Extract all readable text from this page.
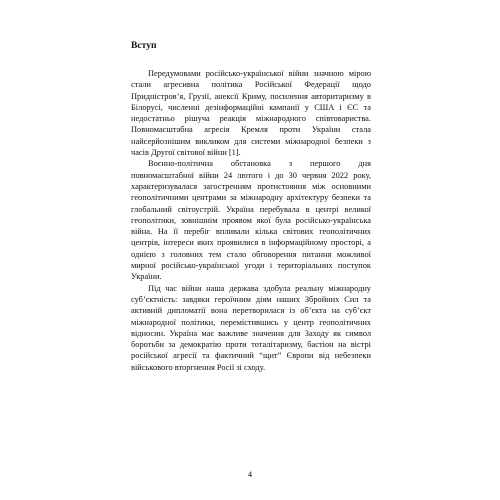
Вступ

Передумовами російсько-української війни значною мірою стали агресивна політика Російської Федерації щодо Придністров’я, Грузії, анексії Криму, посилення авторитаризму в Білорусі, численні дезінформаційні кампанії у США і ЄС та недостатньо рішуча реакція міжнародного співтовариства. Повномасштабна агресія Кремля проти України стала найсерйознішим викликом для системи міжнародної безпеки з часів Другої світової війни [1].

Воєнно-політична обстановка з першого дня повномасштабної війни 24 лютого і до 30 червня 2022 року, характеризувалася загостренням протистояння між основними геополітичними центрами за міжнародну архітектуру безпеки та глобальний світоустрій. Україна перебувала в центрі великої геополітики, зовнішнім проявом якої була російсько-українська війна. На її перебіг впливали кілька світових геополітичних центрів, інтереси яких проявилися в інформаційному просторі, а однією з головних тем стало обговорення питання можливої мирної російсько-української угоди і територіальних поступок України.

Під час війни наша держава здобула реальну міжнародну суб’єктність: завдяки героїчним діям наших Збройних Сил та активній дипломатії вона перетворилася із об’єкта на суб’єкт міжнародної політики, перемістившись у центр геополітичних відносин. Україна має важливе значення для Заходу як символ боротьби за демократію проти тоталітаризму, бастіон на вістрі російської агресії та фактичний “щит” Європи від небезпеки військового вторгнення Росії зі сходу.

4
